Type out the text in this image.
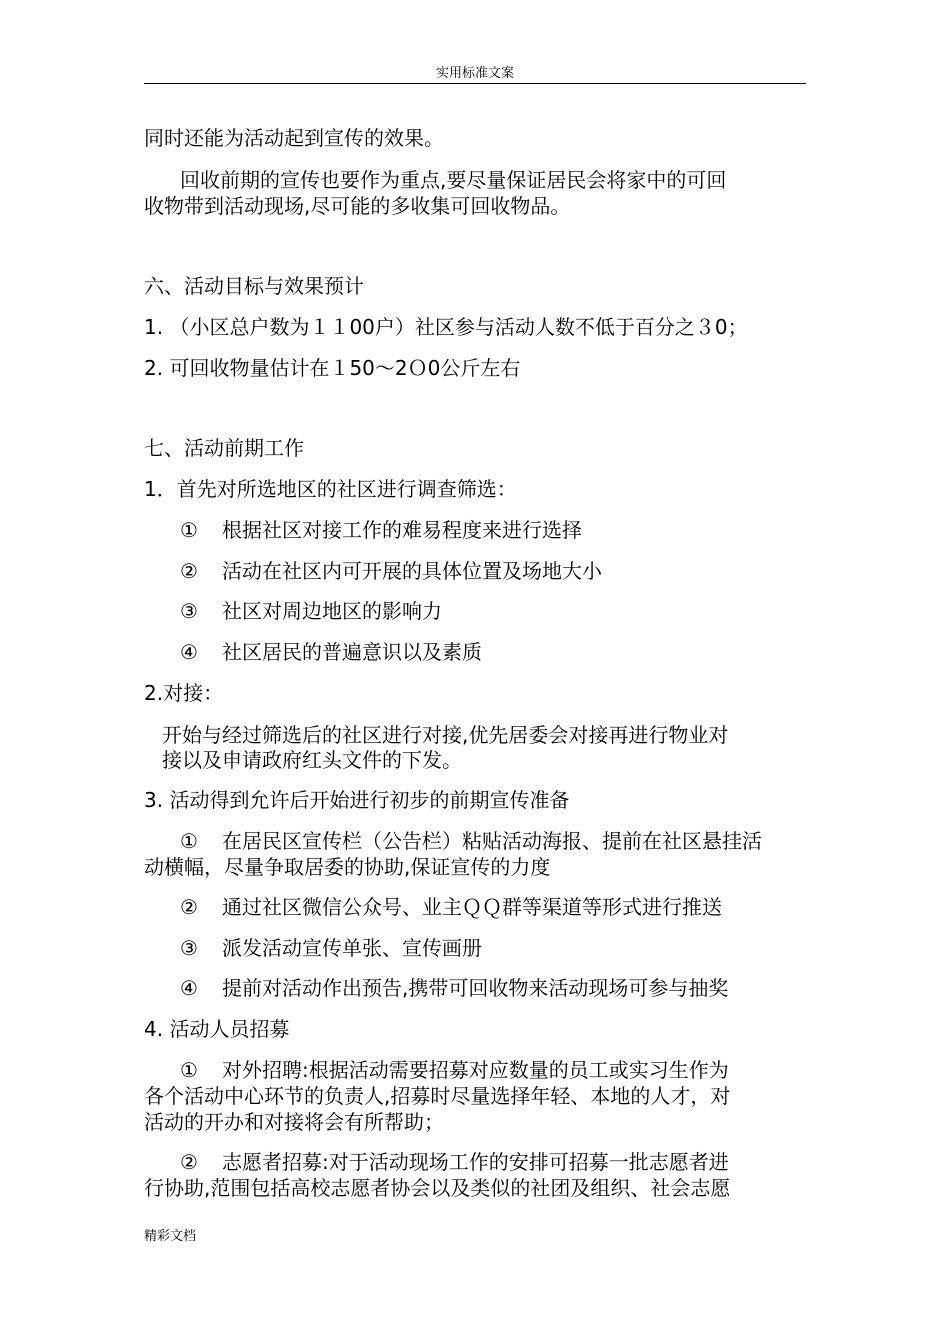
实用标准文案
同时还能为活动起到宣传的效果。
回收前期的宣传也要作为重点,要尽量保证居民会将家中的可回
收物带到活动现场,尽可能的多收集可回收物品。
六、活动目标与效果预计
1. （小区总户数为１１00户）社区参与活动人数不低于百分之３0；
2. 可回收物量估计在１50～2Ｏ0公斤左右
七、活动前期工作
1．首先对所选地区的社区进行调查筛选：
① 根据社区对接工作的难易程度来进行选择
② 活动在社区内可开展的具体位置及场地大小
③ 社区对周边地区的影响力
④ 社区居民的普遍意识以及素质
2.对接：
开始与经过筛选后的社区进行对接,优先居委会对接再进行物业对
接以及申请政府红头文件的下发。
3. 活动得到允许后开始进行初步的前期宣传准备
① 在居民区宣传栏（公告栏）粘贴活动海报、提前在社区悬挂活
动横幅，尽量争取居委的协助,保证宣传的力度
② 通过社区微信公众号、业主ＱＱ群等渠道等形式进行推送
③ 派发活动宣传单张、宣传画册
④ 提前对活动作出预告,携带可回收物来活动现场可参与抽奖
4. 活动人员招募
① 对外招聘:根据活动需要招募对应数量的员工或实习生作为
各个活动中心环节的负责人,招募时尽量选择年轻、本地的人才，对
活动的开办和对接将会有所帮助；
② 志愿者招募:对于活动现场工作的安排可招募一批志愿者进
行协助,范围包括高校志愿者协会以及类似的社团及组织、社会志愿
精彩文档
